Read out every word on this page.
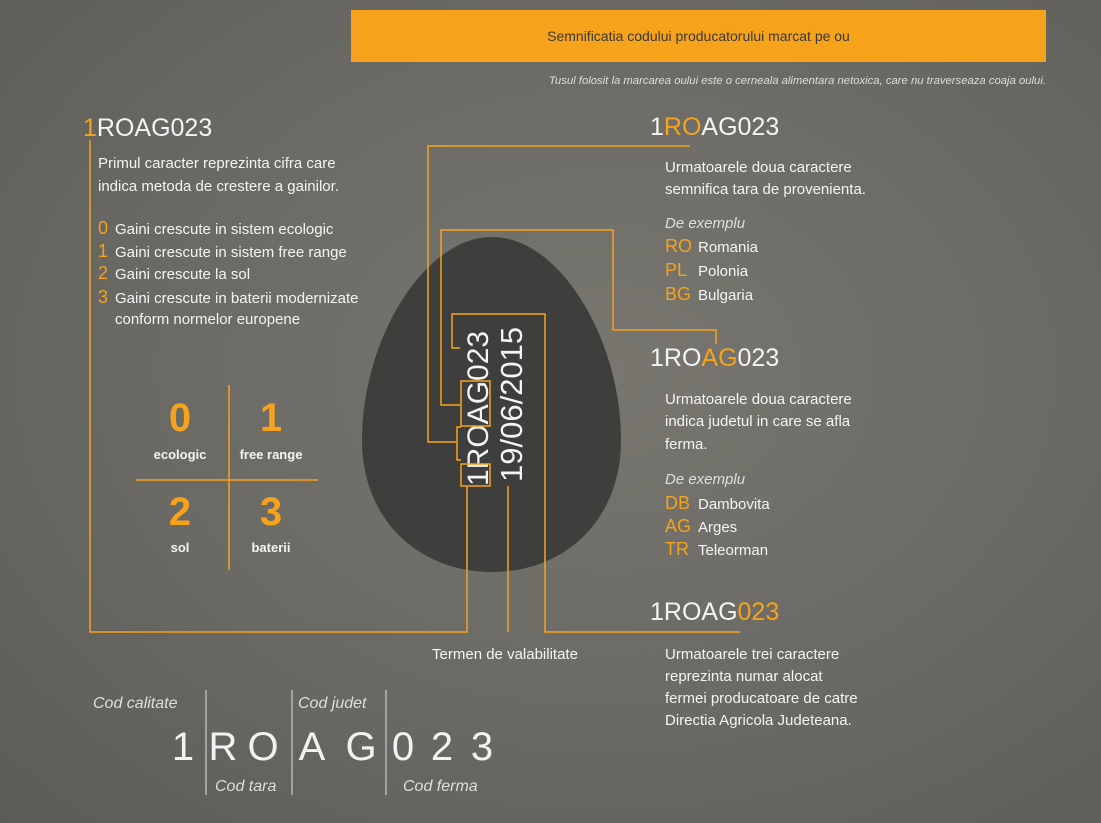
1ROAG023 19/06/2015
1 R O A G 0 2 3
Semnificatia codului producatorului marcat pe ou
Tusul folosit la marcarea oului este o cerneala alimentara netoxica, care nu traverseaza coaja oului.
1ROAG023
Primul caracter reprezinta cifra care
indica metoda de crestere a gainilor.
0 Gaini crescute in sistem ecologic
1 Gaini crescute in sistem free range
2 Gaini crescute la sol
3 Gaini crescute in baterii modernizate
conform normelor europene
0
ecologic
1
free range
2
sol
3
baterii
1ROAG023
Urmatoarele doua caractere
semnifica tara de provenienta.
De exemplu
RO Romania
PL Polonia
BG Bulgaria
1ROAG023
Urmatoarele doua caractere
indica judetul in care se afla
ferma.
De exemplu
DB Dambovita
AG Arges
TR Teleorman
1ROAG023
Urmatoarele trei caractere
reprezinta numar alocat
fermei producatoare de catre
Directia Agricola Judeteana.
Termen de valabilitate
Cod calitate	Cod judet
Cod tara	Cod ferma
